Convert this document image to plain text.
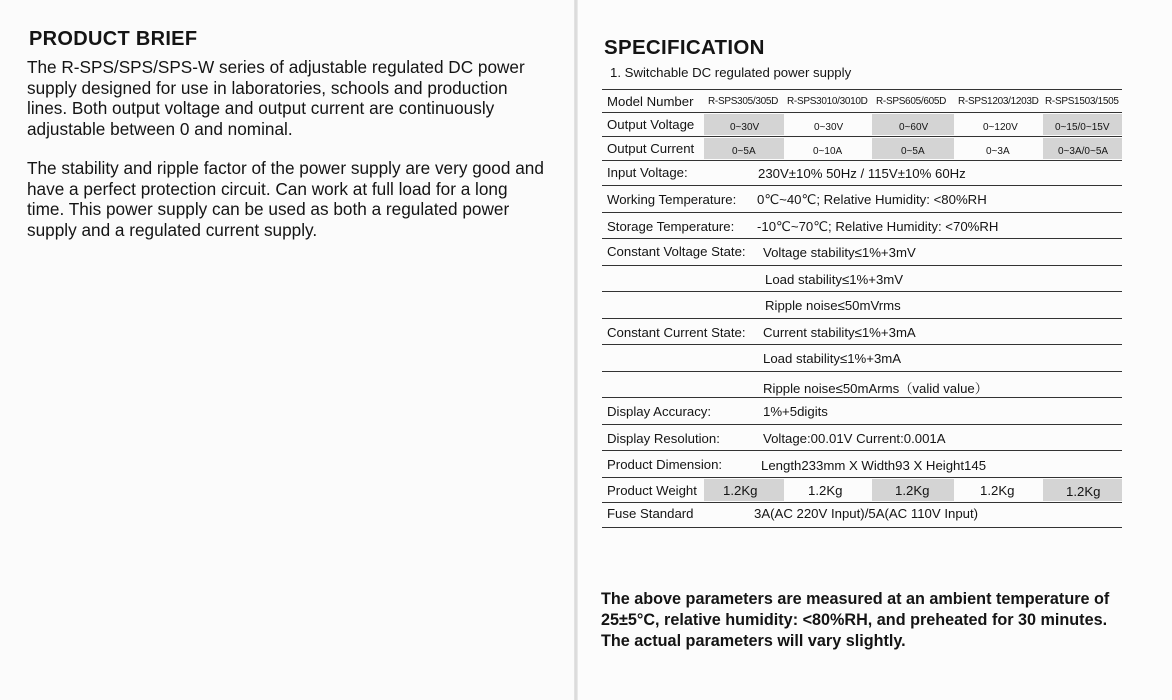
PRODUCT BRIEF

The R-SPS/SPS/SPS-W series of adjustable regulated DC power supply designed for use in laboratories, schools and production lines. Both output voltage and output current are continuously adjustable between 0 and nominal.

The stability and ripple factor of the power supply are very good and have a perfect protection circuit. Can work at full load for a long time. This power supply can be used as both a regulated power supply and a regulated current supply.

SPECIFICATION
1. Switchable DC regulated power supply
Model Number R-SPS305/305D R-SPS3010/3010D R-SPS605/605D R-SPS1203/1203D R-SPS1503/1505
Output Voltage	0~30V	0~30V	0~60V	0~120V	0~15/0~15V
Output Current	0~5A	0~10A	0~5A	0~3A	0~3A/0~5A
Input Voltage:	230V±10% 50Hz / 115V±10% 60Hz
Working Temperature: 0℃~40℃; Relative Humidity: <80%RH
Storage Temperature: -10℃~70℃; Relative Humidity: <70%RH
Constant Voltage State: Voltage stability≤1%+3mV
Load stability≤1%+3mV
Ripple noise≤50mVrms
Constant Current State: Current stability≤1%+3mA
Load stability≤1%+3mA
Ripple noise≤50mArms（valid value）
Display Accuracy:	1%+5digits
Display Resolution:	Voltage:00.01V Current:0.001A
Product Dimension:	Length233mm X Width93 X Height145
Product Weight 1.2Kg	1.2Kg	1.2Kg	1.2Kg	1.2Kg
Fuse Standard	3A(AC 220V Input)/5A(AC 110V Input)

The above parameters are measured at an ambient temperature of 25±5°C, relative humidity: <80%RH, and preheated for 30 minutes. The actual parameters will vary slightly.
